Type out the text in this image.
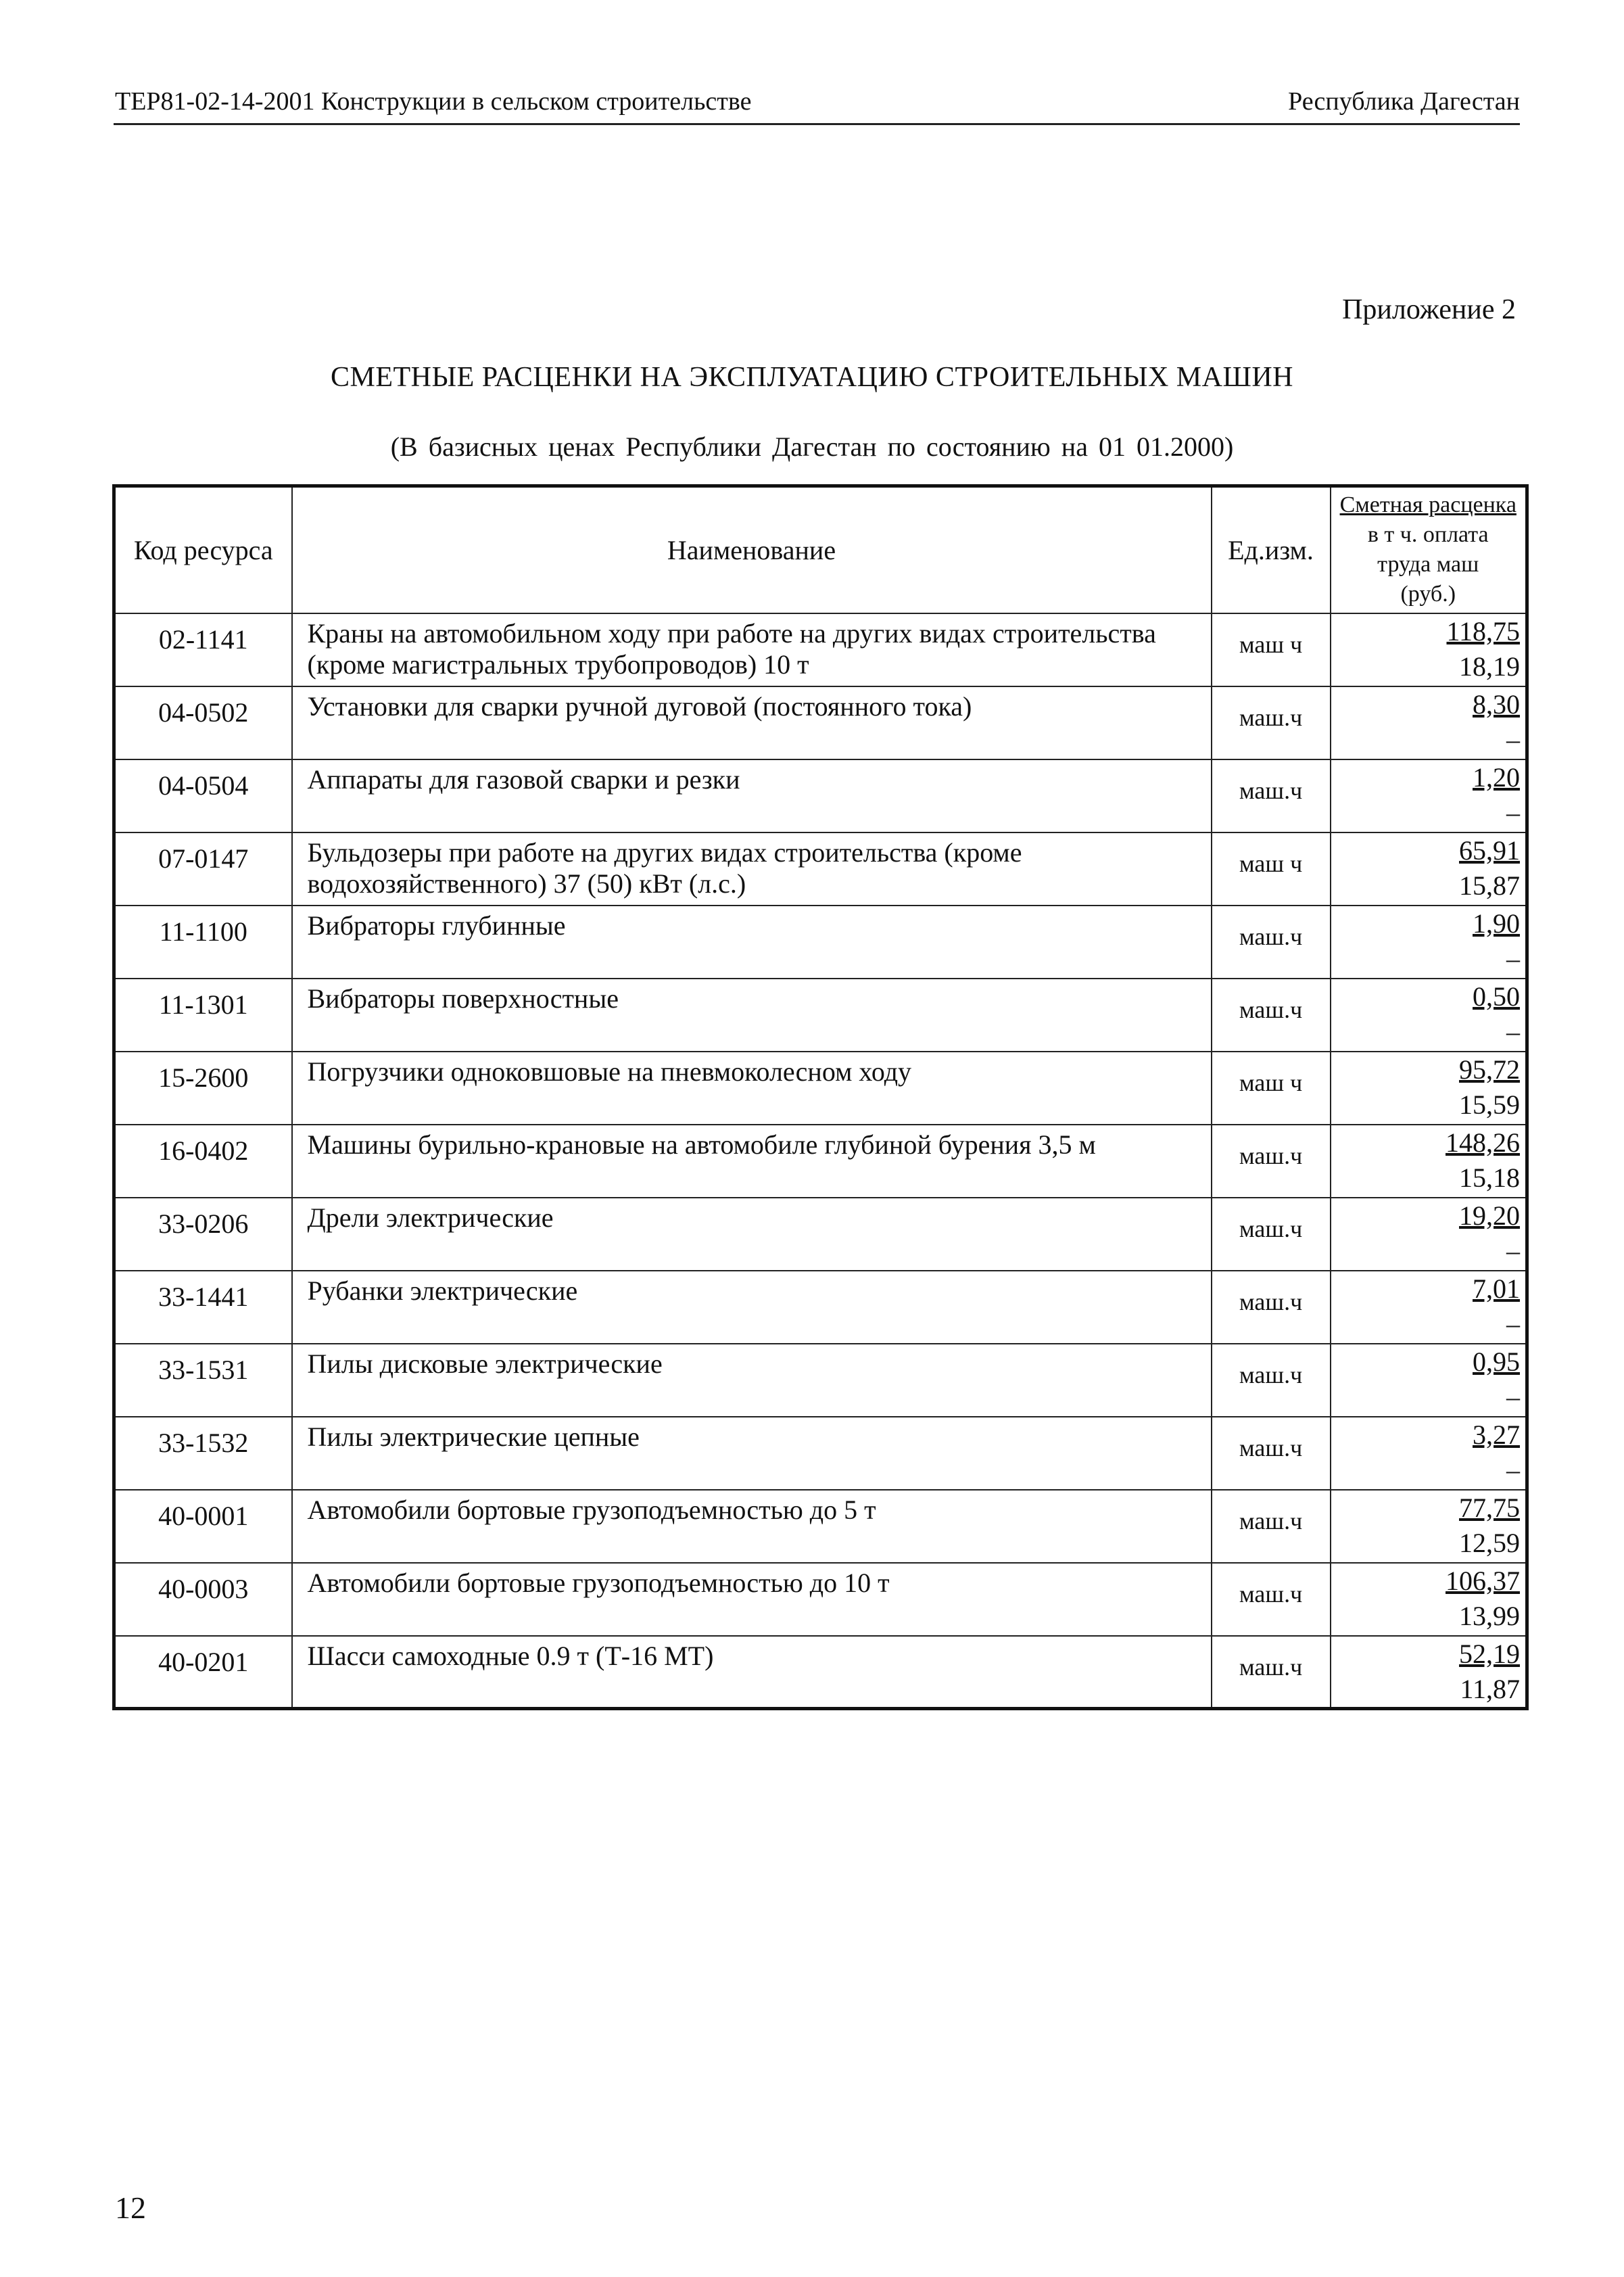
ТЕР81-02-14-2001 Конструкции в сельском строительстве	Республика Дагестан
Приложение 2
СМЕТНЫЕ РАСЦЕНКИ НА ЭКСПЛУАТАЦИЮ СТРОИТЕЛЬНЫХ МАШИН
(В базисных ценах Республики Дагестан по состоянию на 01 01.2000)
Код ресурса	Наименование	Ед.изм.	Сметная расценка
в т ч. оплата
труда маш
(руб.)

02-1141	Краны на автомобильном ходу при работе на других видах строительства (кроме магистральных трубопроводов) 10 т	маш ч	118,75
18,19

04-0502	Установки для сварки ручной дуговой (постоянного тока)	маш.ч	8,30
–

04-0504	Аппараты для газовой сварки и резки	маш.ч	1,20
–

07-0147	Бульдозеры при работе на других видах строительства (кроме водохозяйственного) 37 (50) кВт (л.с.)	маш ч	65,91
15,87

11-1100	Вибраторы глубинные	маш.ч	1,90
–

11-1301	Вибраторы поверхностные	маш.ч	0,50
–

15-2600	Погрузчики одноковшовые на пневмоколесном ходу	маш ч	95,72
15,59

16-0402	Машины бурильно-крановые на автомобиле глубиной бурения 3,5 м	маш.ч	148,26
15,18

33-0206	Дрели электрические	маш.ч	19,20
–

33-1441	Рубанки электрические	маш.ч	7,01
–

33-1531	Пилы дисковые электрические	маш.ч	0,95
–

33-1532	Пилы электрические цепные	маш.ч	3,27
–

40-0001	Автомобили бортовые грузоподъемностью до 5 т	маш.ч	77,75
12,59

40-0003	Автомобили бортовые грузоподъемностью до 10 т	маш.ч	106,37
13,99

40-0201	Шасси самоходные 0.9 т (Т-16 МТ)	маш.ч	52,19
11,87
12
